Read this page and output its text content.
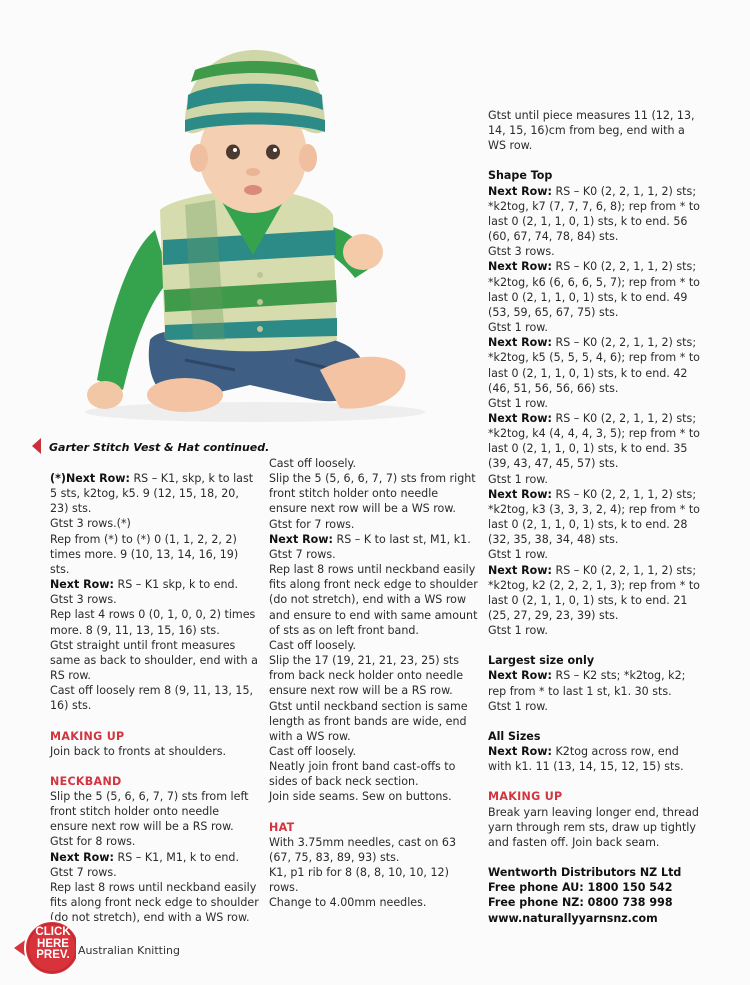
Garter Stitch Vest & Hat continued.

(*)Next Row: RS – K1, skp, k to last 5 sts, k2tog, k5. 9 (12, 15, 18, 20, 23) sts.

Gtst 3 rows.(*)

Rep from (*) to (*) 0 (1, 1, 2, 2, 2) times more. 9 (10, 13, 14, 16, 19) sts.

Next Row: RS – K1 skp, k to end.

Gtst 3 rows.

Rep last 4 rows 0 (0, 1, 0, 0, 2) times more. 8 (9, 11, 13, 15, 16) sts.

Gtst straight until front measures same as back to shoulder, end with a RS row.

Cast off loosely rem 8 (9, 11, 13, 15, 16) sts.

MAKING UP

Join back to fronts at shoulders.

NECKBAND

Slip the 5 (5, 6, 6, 7, 7) sts from left front stitch holder onto needle ensure next row will be a RS row.

Gtst for 8 rows.

Next Row: RS – K1, M1, k to end.

Gtst 7 rows.

Rep last 8 rows until neckband easily fits along front neck edge to shoulder (do not stretch), end with a WS row.

Cast off loosely.

Slip the 5 (5, 6, 6, 7, 7) sts from right front stitch holder onto needle ensure next row will be a WS row.

Gtst for 7 rows.

Next Row: RS – K to last st, M1, k1.

Gtst 7 rows.

Rep last 8 rows until neckband easily fits along front neck edge to shoulder (do not stretch), end with a WS row and ensure to end with same amount of sts as on left front band.

Cast off loosely.

Slip the 17 (19, 21, 21, 23, 25) sts from back neck holder onto needle ensure next row will be a RS row.

Gtst until neckband section is same length as front bands are wide, end with a WS row.

Cast off loosely.

Neatly join front band cast-offs to sides of back neck section.

Join side seams. Sew on buttons.

HAT

With 3.75mm needles, cast on 63 (67, 75, 83, 89, 93) sts.

K1, p1 rib for 8 (8, 8, 10, 10, 12) rows.

Change to 4.00mm needles.

Gtst until piece measures 11 (12, 13, 14, 15, 16)cm from beg, end with a WS row.

Shape Top

Next Row: RS – K0 (2, 2, 1, 1, 2) sts; *k2tog, k7 (7, 7, 7, 6, 8); rep from * to last 0 (2, 1, 1, 0, 1) sts, k to end. 56 (60, 67, 74, 78, 84) sts.

Gtst 3 rows.

Next Row: RS – K0 (2, 2, 1, 1, 2) sts; *k2tog, k6 (6, 6, 6, 5, 7); rep from * to last 0 (2, 1, 1, 0, 1) sts, k to end. 49 (53, 59, 65, 67, 75) sts.

Gtst 1 row.

Next Row: RS – K0 (2, 2, 1, 1, 2) sts; *k2tog, k5 (5, 5, 5, 4, 6); rep from * to last 0 (2, 1, 1, 0, 1) sts, k to end. 42 (46, 51, 56, 56, 66) sts.

Gtst 1 row.

Next Row: RS – K0 (2, 2, 1, 1, 2) sts; *k2tog, k4 (4, 4, 4, 3, 5); rep from * to last 0 (2, 1, 1, 0, 1) sts, k to end. 35 (39, 43, 47, 45, 57) sts.

Gtst 1 row.

Next Row: RS – K0 (2, 2, 1, 1, 2) sts; *k2tog, k3 (3, 3, 3, 2, 4); rep from * to last 0 (2, 1, 1, 0, 1) sts, k to end. 28 (32, 35, 38, 34, 48) sts.

Gtst 1 row.

Next Row: RS – K0 (2, 2, 1, 1, 2) sts; *k2tog, k2 (2, 2, 2, 1, 3); rep from * to last 0 (2, 1, 1, 0, 1) sts, k to end. 21 (25, 27, 29, 23, 39) sts.

Gtst 1 row.

Largest size only

Next Row: RS – K2 sts; *k2tog, k2; rep from * to last 1 st, k1. 30 sts.

Gtst 1 row.

All Sizes

Next Row: K2tog across row, end with k1. 11 (13, 14, 15, 12, 15) sts.

MAKING UP

Break yarn leaving longer end, thread yarn through rem sts, draw up tightly and fasten off. Join back seam.

Wentworth Distributors NZ Ltd

Free phone AU: 1800 150 542

Free phone NZ: 0800 738 998

www.naturallyyarnsnz.com

CLICK
HERE
PREV. Australian Knitting
